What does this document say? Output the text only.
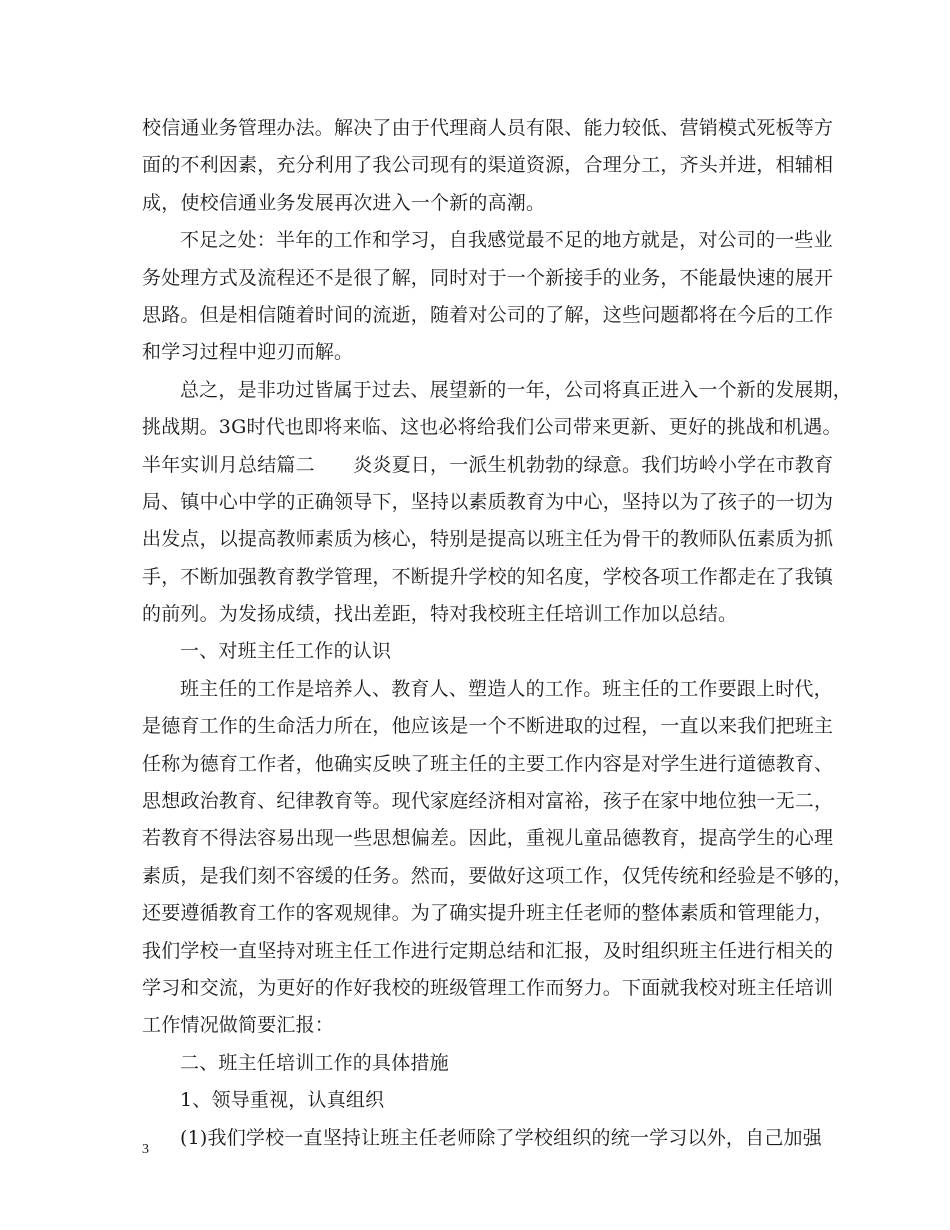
校信通业务管理办法。解决了由于代理商人员有限、能力较低、营销模式死板等方
面的不利因素，充分利用了我公司现有的渠道资源，合理分工，齐头并进，相辅相
成，使校信通业务发展再次进入一个新的高潮。
不足之处：半年的工作和学习，自我感觉最不足的地方就是，对公司的一些业
务处理方式及流程还不是很了解，同时对于一个新接手的业务，不能最快速的展开
思路。但是相信随着时间的流逝，随着对公司的了解，这些问题都将在今后的工作
和学习过程中迎刃而解。
总之，是非功过皆属于过去、展望新的一年，公司将真正进入一个新的发展期，
挑战期。3G时代也即将来临、这也必将给我们公司带来更新、更好的挑战和机遇。
半年实训月总结篇二　　炎炎夏日，一派生机勃勃的绿意。我们坊岭小学在市教育
局、镇中心中学的正确领导下，坚持以素质教育为中心，坚持以为了孩子的一切为
出发点，以提高教师素质为核心，特别是提高以班主任为骨干的教师队伍素质为抓
手，不断加强教育教学管理，不断提升学校的知名度，学校各项工作都走在了我镇
的前列。为发扬成绩，找出差距，特对我校班主任培训工作加以总结。
一、对班主任工作的认识
班主任的工作是培养人、教育人、塑造人的工作。班主任的工作要跟上时代，
是德育工作的生命活力所在，他应该是一个不断进取的过程，一直以来我们把班主
任称为德育工作者，他确实反映了班主任的主要工作内容是对学生进行道德教育、
思想政治教育、纪律教育等。现代家庭经济相对富裕，孩子在家中地位独一无二，
若教育不得法容易出现一些思想偏差。因此，重视儿童品德教育，提高学生的心理
素质，是我们刻不容缓的任务。然而，要做好这项工作，仅凭传统和经验是不够的，
还要遵循教育工作的客观规律。为了确实提升班主任老师的整体素质和管理能力，
我们学校一直坚持对班主任工作进行定期总结和汇报，及时组织班主任进行相关的
学习和交流，为更好的作好我校的班级管理工作而努力。下面就我校对班主任培训
工作情况做简要汇报：
二、班主任培训工作的具体措施
1、领导重视，认真组织
(1)我们学校一直坚持让班主任老师除了学校组织的统一学习以外，自己加强
3
